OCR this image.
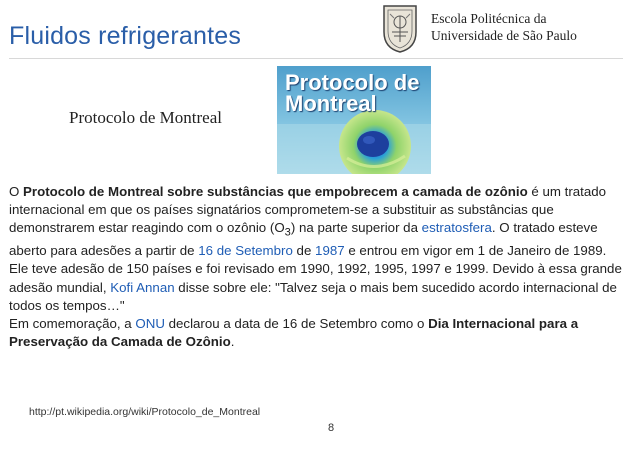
Fluidos refrigerantes
Escola Politécnica da
Universidade de São Paulo
Protocolo de Montreal
Protocolo de
Montreal
O Protocolo de Montreal sobre substâncias que empobrecem a camada de ozônio é um tratado internacional em que os países signatários comprometem-se a substituir as substâncias que demonstrarem estar reagindo com o ozônio $(O_3)$ na parte superior da estratosfera. O tratado esteve aberto para adesões a partir de 16 de Setembro de 1987 e entrou em vigor em 1 de Janeiro de 1989. Ele teve adesão de 150 países e foi revisado em 1990, 1992, 1995, 1997 e 1999. Devido à essa grande adesão mundial, Kofi Annan disse sobre ele: "Talvez seja o mais bem sucedido acordo internacional de todos os tempos…"
Em comemoração, a ONU declarou a data de 16 de Setembro como o Dia Internacional para a Preservação da Camada de Ozônio.
http://pt.wikipedia.org/wiki/Protocolo_de_Montreal
8
